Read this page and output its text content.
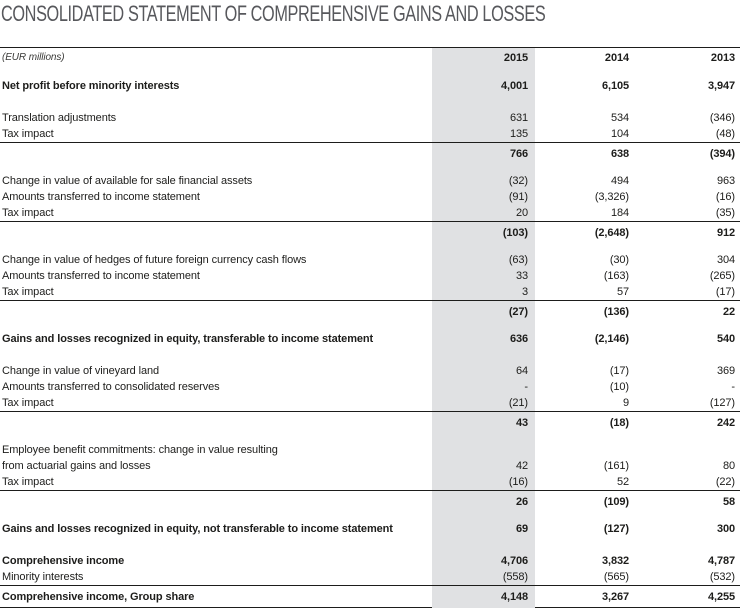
CONSOLIDATED STATEMENT OF COMPREHENSIVE GAINS AND LOSSES
(EUR millions)	2015	2014	2013
Net profit before minority interests	4,001	6,105	3,947
Translation adjustments	631	534	(346)
Tax impact	135	104	(48)
766	638	(394)
Change in value of available for sale financial assets	(32)	494	963
Amounts transferred to income statement	(91)	(3,326)	(16)
Tax impact	20	184	(35)
(103)	(2,648)	912
Change in value of hedges of future foreign currency cash flows	(63)	(30)	304
Amounts transferred to income statement	33	(163)	(265)
Tax impact	3	57	(17)
(27)	(136)	22
Gains and losses recognized in equity, transferable to income statement	636	(2,146)	540
Change in value of vineyard land	64	(17)	369
Amounts transferred to consolidated reserves	-	(10)	-
Tax impact	(21)	9	(127)
43	(18)	242
Employee benefit commitments: change in value resulting
from actuarial gains and losses	42	(161)	80
Tax impact	(16)	52	(22)
26	(109)	58
Gains and losses recognized in equity, not transferable to income statement	69	(127)	300
Comprehensive income	4,706	3,832	4,787
Minority interests	(558)	(565)	(532)
Comprehensive income, Group share	4,148	3,267	4,255
